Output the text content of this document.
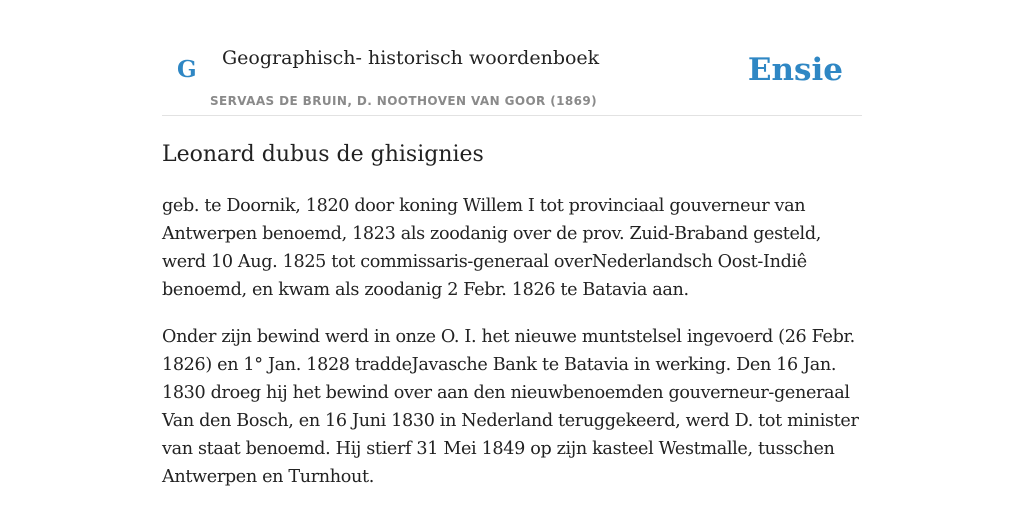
G Geographisch- historisch woordenboek
SERVAAS DE BRUIN, D. NOOTHOVEN VAN GOOR (1869)
Ensie
Leonard dubus de ghisignies

geb. te Doornik, 1820 door koning Willem I tot provinciaal gouverneur van Antwerpen benoemd, 1823 als zoodanig over de prov. Zuid-Braband gesteld, werd 10 Aug. 1825 tot commissaris-generaal overNederlandsch Oost-Indiê benoemd, en kwam als zoodanig 2 Febr. 1826 te Batavia aan.

Onder zijn bewind werd in onze O. I. het nieuwe muntstelsel ingevoerd (26 Febr. 1826) en 1° Jan. 1828 traddeJavasche Bank te Batavia in werking. Den 16 Jan. 1830 droeg hij het bewind over aan den nieuwbenoemden gouverneur-generaal Van den Bosch, en 16 Juni 1830 in Nederland teruggekeerd, werd D. tot minister van staat benoemd. Hij stierf 31 Mei 1849 op zijn kasteel Westmalle, tusschen Antwerpen en Turnhout.
